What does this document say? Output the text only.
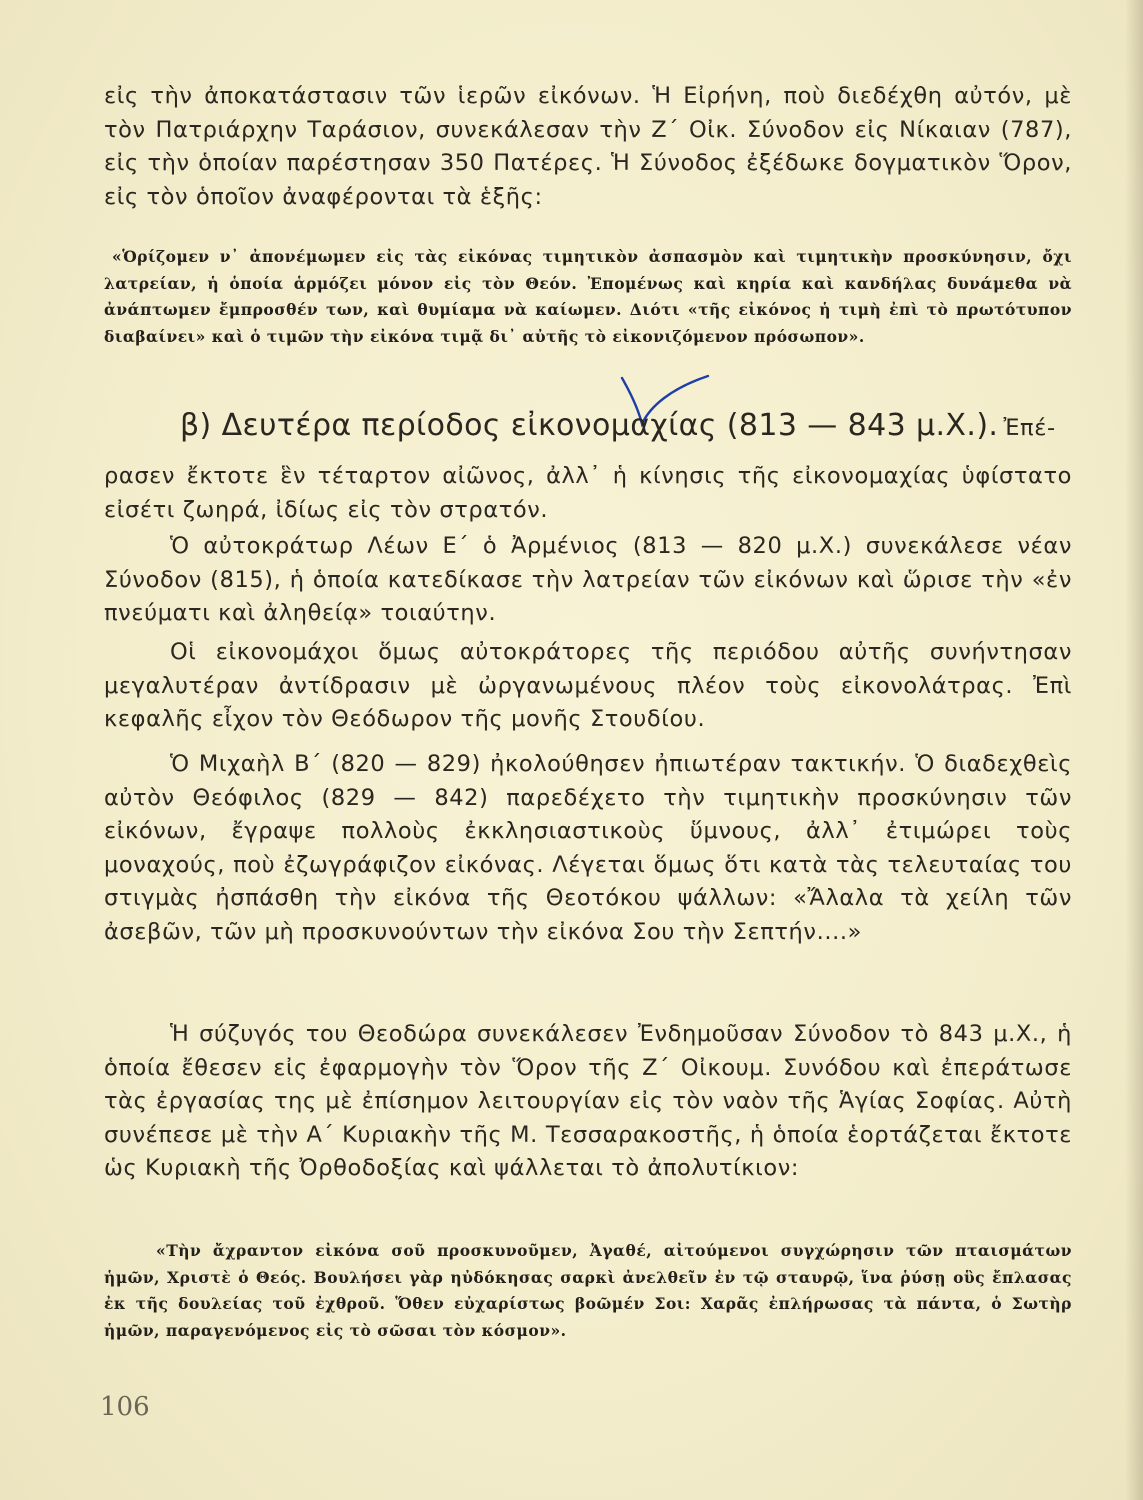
εἰς τὴν ἀποκατάστασιν τῶν ἱερῶν εἰκόνων. Ἡ Εἰρήνη, ποὺ διεδέχθη αὐτόν, μὲ τὸν Πατριάρχην Ταράσιον, συνεκάλεσαν τὴν Ζ΄ Οἰκ. Σύνοδον εἰς Νίκαιαν (787), εἰς τὴν ὁποίαν παρέστησαν 350 Πατέρες. Ἡ Σύνοδος ἐξέδωκε δογματικὸν Ὅρον, εἰς τὸν ὁποῖον ἀναφέρονται τὰ ἑξῆς:

«Ὁρίζομεν ν᾽ ἀπονέμωμεν εἰς τὰς εἰκόνας τιμητικὸν ἀσπασμὸν καὶ τιμητικὴν προσκύνησιν, ὄχι λατρείαν, ἡ ὁποία ἁρμόζει μόνον εἰς τὸν Θεόν. Ἐπομένως καὶ κηρία καὶ κανδήλας δυνάμεθα νὰ ἀνάπτωμεν ἔμπροσθέν των, καὶ θυμίαμα νὰ καίωμεν. Διότι «τῆς εἰκόνος ἡ τιμὴ ἐπὶ τὸ πρωτότυπον διαβαίνει» καὶ ὁ τιμῶν τὴν εἰκόνα τιμᾷ δι᾽ αὐτῆς τὸ εἰκονιζόμενον πρόσωπον».

β) Δευτέρα περίοδος εἰκονομαχίας (813 — 843 μ.Χ.). Ἐπέ-

ρασεν ἔκτοτε ἓν τέταρτον αἰῶνος, ἀλλ᾽ ἡ κίνησις τῆς εἰκονομαχίας ὑφίστατο εἰσέτι ζωηρά, ἰδίως εἰς τὸν στρατόν.

Ὁ αὐτοκράτωρ Λέων Ε΄ ὁ Ἀρμένιος (813 — 820 μ.Χ.) συνεκάλεσε νέαν Σύνοδον (815), ἡ ὁποία κατεδίκασε τὴν λατρείαν τῶν εἰκόνων καὶ ὥρισε τὴν «ἐν πνεύματι καὶ ἀληθείᾳ» τοιαύτην.

Οἱ εἰκονομάχοι ὅμως αὐτοκράτορες τῆς περιόδου αὐτῆς συνήντησαν μεγαλυτέραν ἀντίδρασιν μὲ ὠργανωμένους πλέον τοὺς εἰκονολάτρας. Ἐπὶ κεφαλῆς εἶχον τὸν Θεόδωρον τῆς μονῆς Στουδίου.

Ὁ Μιχαὴλ Β΄ (820 — 829) ἠκολούθησεν ἠπιωτέραν τακτικήν. Ὁ διαδεχθεὶς αὐτὸν Θεόφιλος (829 — 842) παρεδέχετο τὴν τιμητικὴν προσκύνησιν τῶν εἰκόνων, ἔγραψε πολλοὺς ἐκκλησιαστικοὺς ὕμνους, ἀλλ᾽ ἐτιμώρει τοὺς μοναχούς, ποὺ ἐζωγράφιζον εἰκόνας. Λέγεται ὅμως ὅτι κατὰ τὰς τελευταίας του στιγμὰς ἠσπάσθη τὴν εἰκόνα τῆς Θεοτόκου ψάλλων: «Ἄλαλα τὰ χείλη τῶν ἀσεβῶν, τῶν μὴ προσκυνούντων τὴν εἰκόνα Σου τὴν Σεπτήν....»

Ἡ σύζυγός του Θεοδώρα συνεκάλεσεν Ἐνδημοῦσαν Σύνοδον τὸ 843 μ.Χ., ἡ ὁποία ἔθεσεν εἰς ἐφαρμογὴν τὸν Ὅρον τῆς Ζ΄ Οἰκουμ. Συνόδου καὶ ἐπεράτωσε τὰς ἐργασίας της μὲ ἐπίσημον λειτουργίαν εἰς τὸν ναὸν τῆς Ἁγίας Σοφίας. Αὐτὴ συνέπεσε μὲ τὴν Α΄ Κυριακὴν τῆς Μ. Τεσσαρακοστῆς, ἡ ὁποία ἑορτάζεται ἔκτοτε ὡς Κυριακὴ τῆς Ὀρθοδοξίας καὶ ψάλλεται τὸ ἀπολυτίκιον:

«Τὴν ἄχραντον εἰκόνα σοῦ προσκυνοῦμεν, Ἀγαθέ, αἰτούμενοι συγχώρησιν τῶν πταισμάτων ἡμῶν, Χριστὲ ὁ Θεός. Βουλήσει γὰρ ηὐδόκησας σαρκὶ ἀνελθεῖν ἐν τῷ σταυρῷ, ἵνα ῥύσῃ οὓς ἔπλασας ἐκ τῆς δουλείας τοῦ ἐχθροῦ. Ὅθεν εὐχαρίστως βοῶμέν Σοι: Χαρᾶς ἐπλήρωσας τὰ πάντα, ὁ Σωτὴρ ἡμῶν, παραγενόμενος εἰς τὸ σῶσαι τὸν κόσμον».

106
